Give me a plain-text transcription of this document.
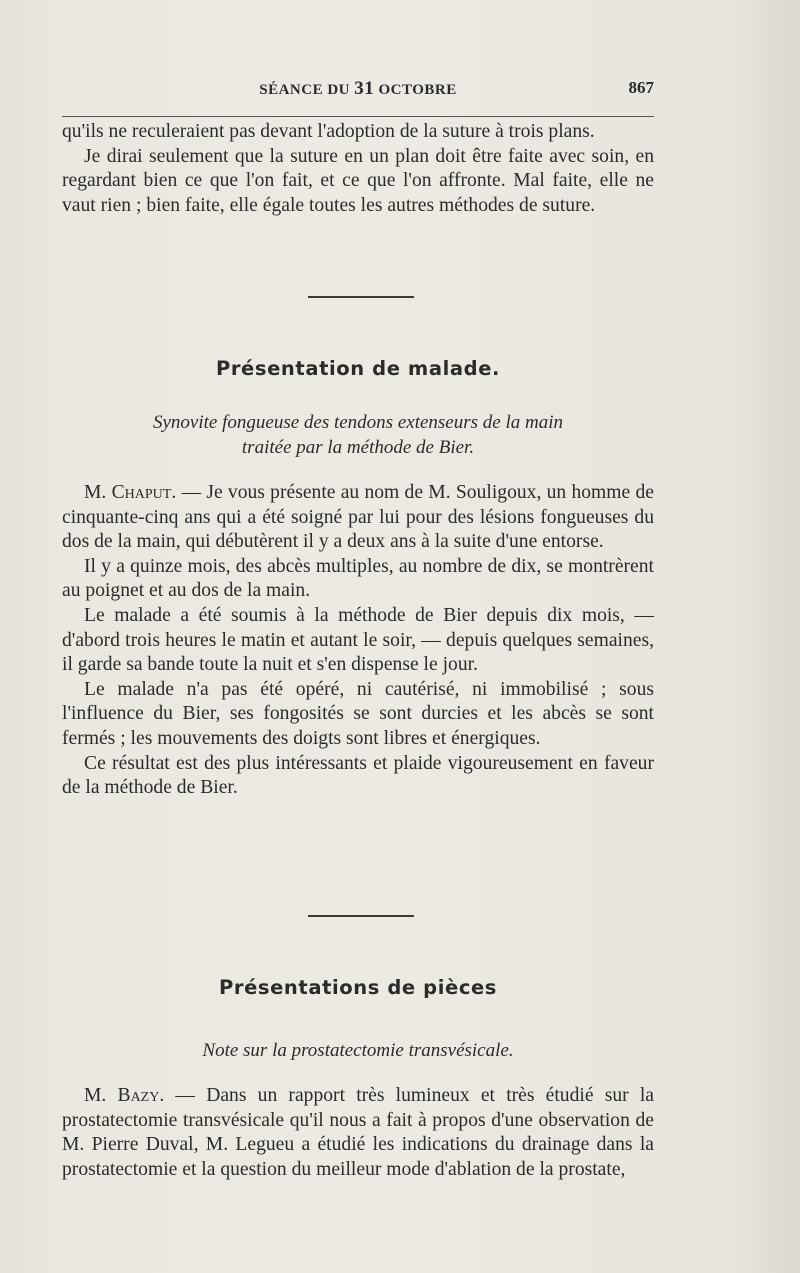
SÉANCE DU 31 OCTOBRE	867

qu'ils ne reculeraient pas devant l'adoption de la suture à trois plans.

Je dirai seulement que la suture en un plan doit être faite avec soin, en regardant bien ce que l'on fait, et ce que l'on affronte. Mal faite, elle ne vaut rien ; bien faite, elle égale toutes les autres méthodes de suture.

Présentation de malade.
Synovite fongueuse des tendons extenseurs de la main
traitée par la méthode de Bier.

M. Chaput. — Je vous présente au nom de M. Souligoux, un homme de cinquante-cinq ans qui a été soigné par lui pour des lésions fongueuses du dos de la main, qui débutèrent il y a deux ans à la suite d'une entorse.

Il y a quinze mois, des abcès multiples, au nombre de dix, se montrèrent au poignet et au dos de la main.

Le malade a été soumis à la méthode de Bier depuis dix mois, — d'abord trois heures le matin et autant le soir, — depuis quelques semaines, il garde sa bande toute la nuit et s'en dispense le jour.

Le malade n'a pas été opéré, ni cautérisé, ni immobilisé ; sous l'influence du Bier, ses fongosités se sont durcies et les abcès se sont fermés ; les mouvements des doigts sont libres et énergiques.

Ce résultat est des plus intéressants et plaide vigoureusement en faveur de la méthode de Bier.

Présentations de pièces
Note sur la prostatectomie transvésicale.

M. Bazy. — Dans un rapport très lumineux et très étudié sur la prostatectomie transvésicale qu'il nous a fait à propos d'une observation de M. Pierre Duval, M. Legueu a étudié les indications du drainage dans la prostatectomie et la question du meilleur mode d'ablation de la prostate,
